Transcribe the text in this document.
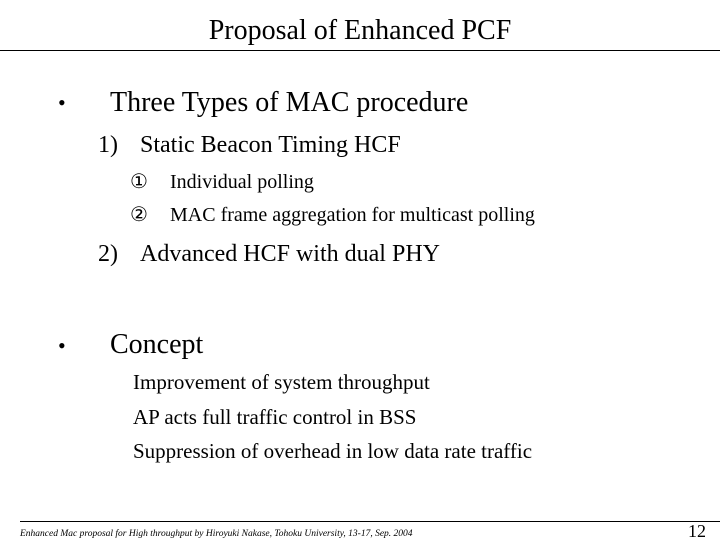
Proposal of Enhanced PCF
• Three Types of MAC procedure
1) Static Beacon Timing HCF
① Individual polling
② MAC frame aggregation for multicast polling
2) Advanced HCF with dual PHY
• Concept
Improvement of system throughput
AP acts full traffic control in BSS
Suppression of overhead in low data rate traffic
Enhanced Mac proposal for High throughput by Hiroyuki Nakase, Tohoku University, 13-17, Sep. 2004	12
